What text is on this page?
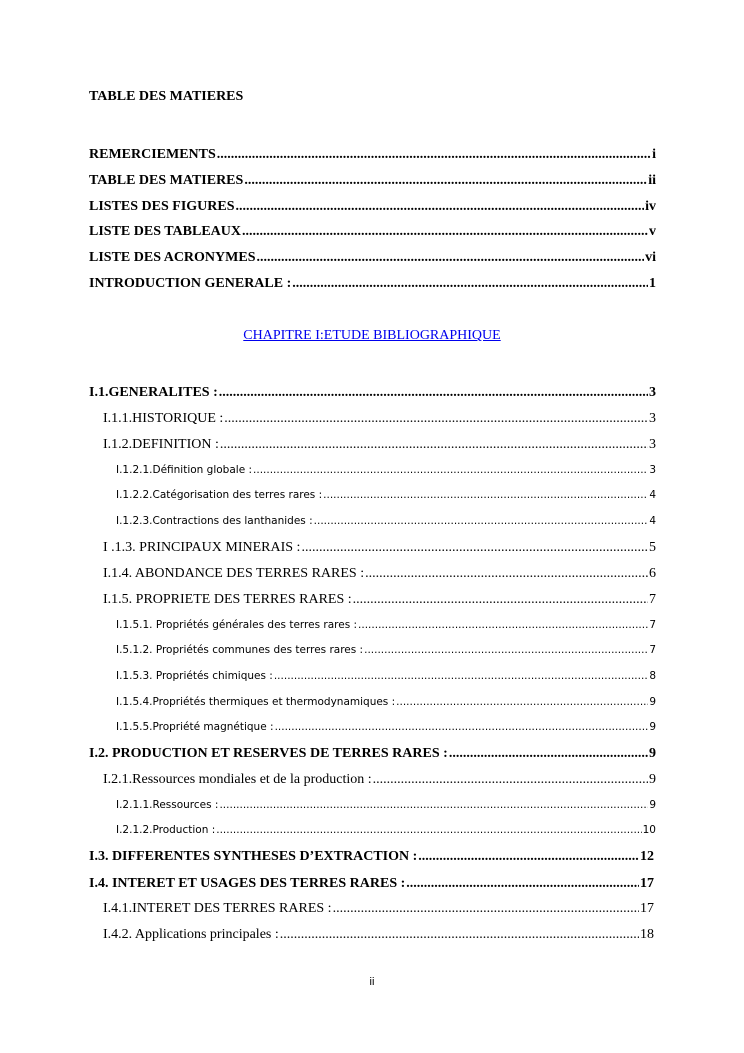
TABLE DES MATIERES
REMERCIEMENTS .....	i
TABLE DES MATIERES .....	ii
LISTES DES FIGURES .....	iv
LISTE DES TABLEAUX .....	v
LISTE DES ACRONYMES .....	vi
INTRODUCTION GENERALE : .....	1
CHAPITRE I:ETUDE BIBLIOGRAPHIQUE
I.1.GENERALITES : .....	3
I.1.1.HISTORIQUE : .....	3
I.1.2.DEFINITION : .....	3
I.1.2.1.Définition globale : .....	3
I.1.2.2.Catégorisation des terres rares : .....	4
I.1.2.3.Contractions des lanthanides : .....	4
I .1.3. PRINCIPAUX MINERAIS : .....	5
I.1.4. ABONDANCE DES TERRES RARES : .....	6
I.1.5. PROPRIETE DES TERRES RARES : .....	7
I.1.5.1. Propriétés générales des terres rares : .....	7
I.5.1.2. Propriétés communes des terres rares : .....	7
I.1.5.3. Propriétés chimiques : .....	8
I.1.5.4.Propriétés thermiques et thermodynamiques : .....	9
I.1.5.5.Propriété magnétique : .....	9
I.2. PRODUCTION ET RESERVES DE TERRES RARES : .....	9
I.2.1.Ressources mondiales et de la production : .....	9
I.2.1.1.Ressources : .....	9
I.2.1.2.Production : .....	10
I.3. DIFFERENTES SYNTHESES D’EXTRACTION : .....	12
I.4. INTERET ET USAGES DES TERRES RARES : .....	17
I.4.1.INTERET DES TERRES RARES : .....	17
I.4.2. Applications principales : .....	18
ii
